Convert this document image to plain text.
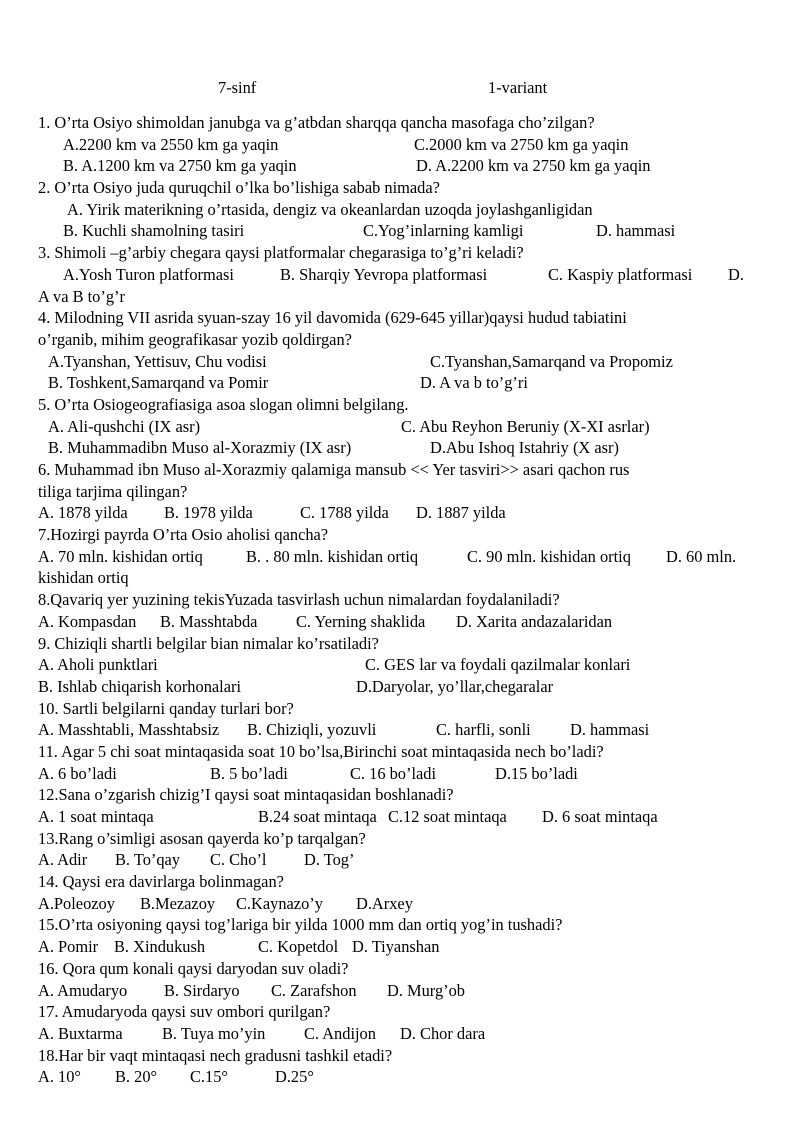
7-sinf	1-variant
1. O’rta Osiyo shimoldan janubga va g’atbdan sharqqa qancha masofaga cho’zilgan?
A.2200 km va 2550 km ga yaqin	C.2000 km va 2750 km ga yaqin
B. A.1200 km va 2750 km ga yaqin	D. A.2200 km va 2750 km ga yaqin
2. O’rta Osiyo juda quruqchil o’lka bo’lishiga sabab nimada?
A. Yirik materikning o’rtasida, dengiz va okeanlardan uzoqda joylashganligidan
B. Kuchli shamolning tasiri	C.Yog’inlarning kamligi	D. hammasi
3. Shimoli –g’arbiy chegara qaysi platformalar chegarasiga to’g’ri keladi?
A.Yosh Turon platformasi	B. Sharqiy Yevropa platformasi	C. Kaspiy platformasi D.
A va B to’g’r
4. Milodning VII asrida syuan-szay 16 yil davomida (629-645 yillar)qaysi hudud tabiatini
o’rganib, mihim geografikasar yozib qoldirgan?
A.Tyanshan, Yettisuv, Chu vodisi	C.Tyanshan,Samarqand va Propomiz
B. Toshkent,Samarqand va Pomir	D. A va b to’g’ri
5. O’rta Osiogeografiasiga asoa slogan olimni belgilang.
A. Ali-qushchi (IX asr)	C. Abu Reyhon Beruniy (X-XI asrlar)
B. Muhammadibn Muso al-Xorazmiy (IX asr)	D.Abu Ishoq Istahriy (X asr)
6. Muhammad ibn Muso al-Xorazmiy qalamiga mansub << Yer tasviri>> asari qachon rus
tiliga tarjima qilingan?
A. 1878 yilda B. 1978 yilda	C. 1788 yilda D. 1887 yilda
7.Hozirgi payrda O’rta Osio aholisi qancha?
A. 70 mln. kishidan ortiq	B. . 80 mln. kishidan ortiq	C. 90 mln. kishidan ortiq D. 60 mln.
kishidan ortiq
8.Qavariq yer yuzining tekisYuzada tasvirlash uchun nimalardan foydalaniladi?
A. Kompasdan B. Masshtabda C. Yerning shaklida D. Xarita andazalaridan
9. Chiziqli shartli belgilar bian nimalar ko’rsatiladi?
A. Aholi punktlari	C. GES lar va foydali qazilmalar konlari
B. Ishlab chiqarish korhonalari	D.Daryolar, yo’llar,chegaralar
10. Sartli belgilarni qanday turlari bor?
A. Masshtabli, Masshtabsiz B. Chiziqli, yozuvli	C. harfli, sonli D. hammasi
11. Agar 5 chi soat mintaqasida soat 10 bo’lsa,Birinchi soat mintaqasida nech bo’ladi?
A. 6 bo’ladi	B. 5 bo’ladi	C. 16 bo’ladi	D.15 bo’ladi
12.Sana o’zgarish chizig’I qaysi soat mintaqasidan boshlanadi?
A. 1 soat mintaqa	B.24 soat mintaqa C.12 soat mintaqa D. 6 soat mintaqa
13.Rang o’simligi asosan qayerda ko’p tarqalgan?
A. Adir B. To’qay C. Cho’l D. Tog’
14. Qaysi era davirlarga bolinmagan?
A.Poleozoy B.Mezazoy C.Kaynazo’y D.Arxey
15.O’rta osiyoning qaysi tog’lariga bir yilda 1000 mm dan ortiq yog’in tushadi?
A. Pomir B. Xindukush	C. Kopetdol D. Tiyanshan
16. Qora qum konali qaysi daryodan suv oladi?
A. Amudaryo B. Sirdaryo C. Zarafshon D. Murg’ob
17. Amudaryoda qaysi suv ombori qurilgan?
A. Buxtarma B. Tuya mo’yin C. Andijon D. Chor dara
18.Har bir vaqt mintaqasi nech gradusni tashkil etadi?
A. 10° B. 20° C.15°	D.25°
